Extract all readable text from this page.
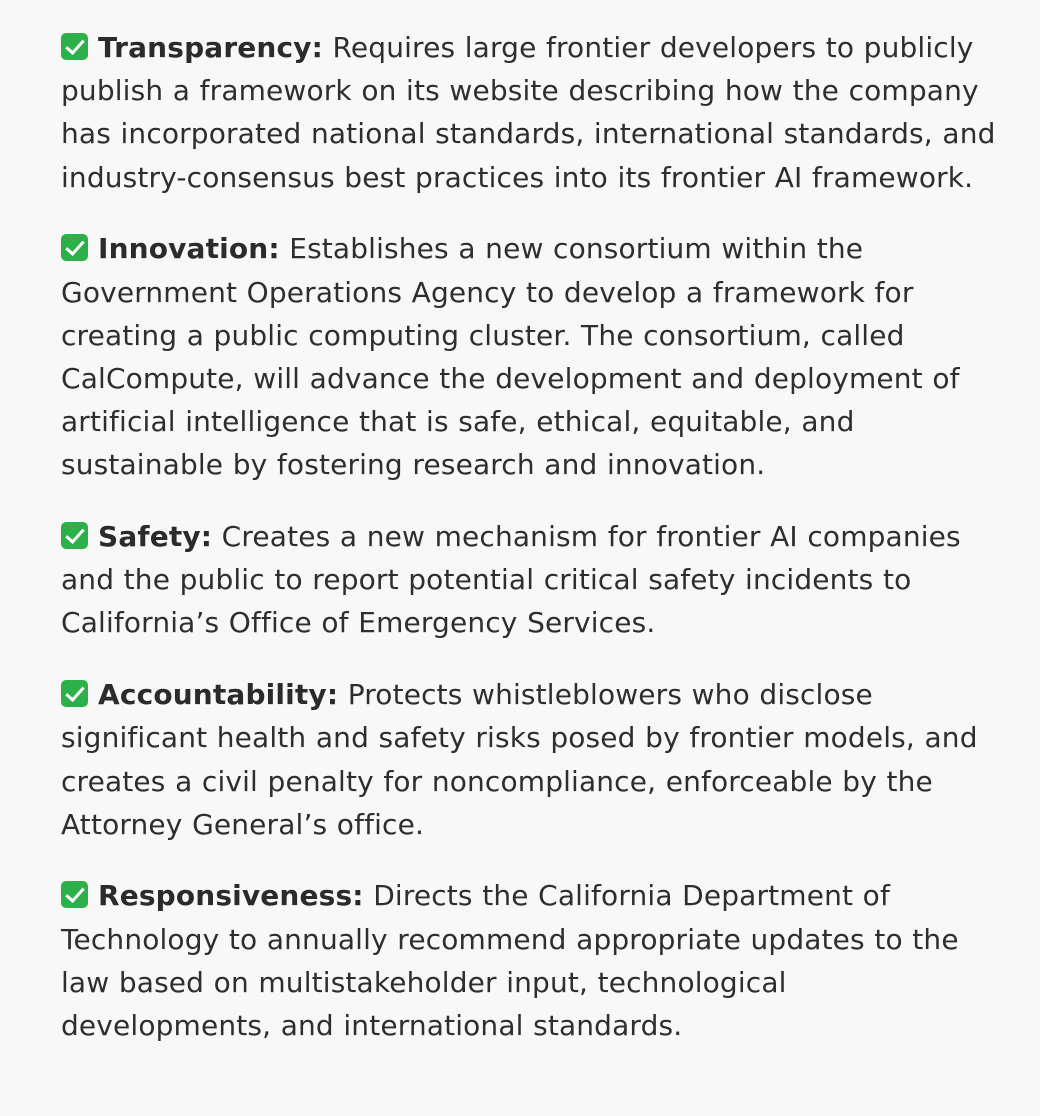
Transparency: Requires large frontier developers to publicly publish a framework on its website describing how the company has incorporated national standards, international standards, and industry-consensus best practices into its frontier AI framework.

Innovation: Establishes a new consortium within the Government Operations Agency to develop a framework for creating a public computing cluster. The consortium, called CalCompute, will advance the development and deployment of artificial intelligence that is safe, ethical, equitable, and sustainable by fostering research and innovation.

Safety: Creates a new mechanism for frontier AI companies and the public to report potential critical safety incidents to California’s Office of Emergency Services.

Accountability: Protects whistleblowers who disclose significant health and safety risks posed by frontier models, and creates a civil penalty for noncompliance, enforceable by the Attorney General’s office.

Responsiveness: Directs the California Department of Technology to annually recommend appropriate updates to the law based on multistakeholder input, technological developments, and international standards.
